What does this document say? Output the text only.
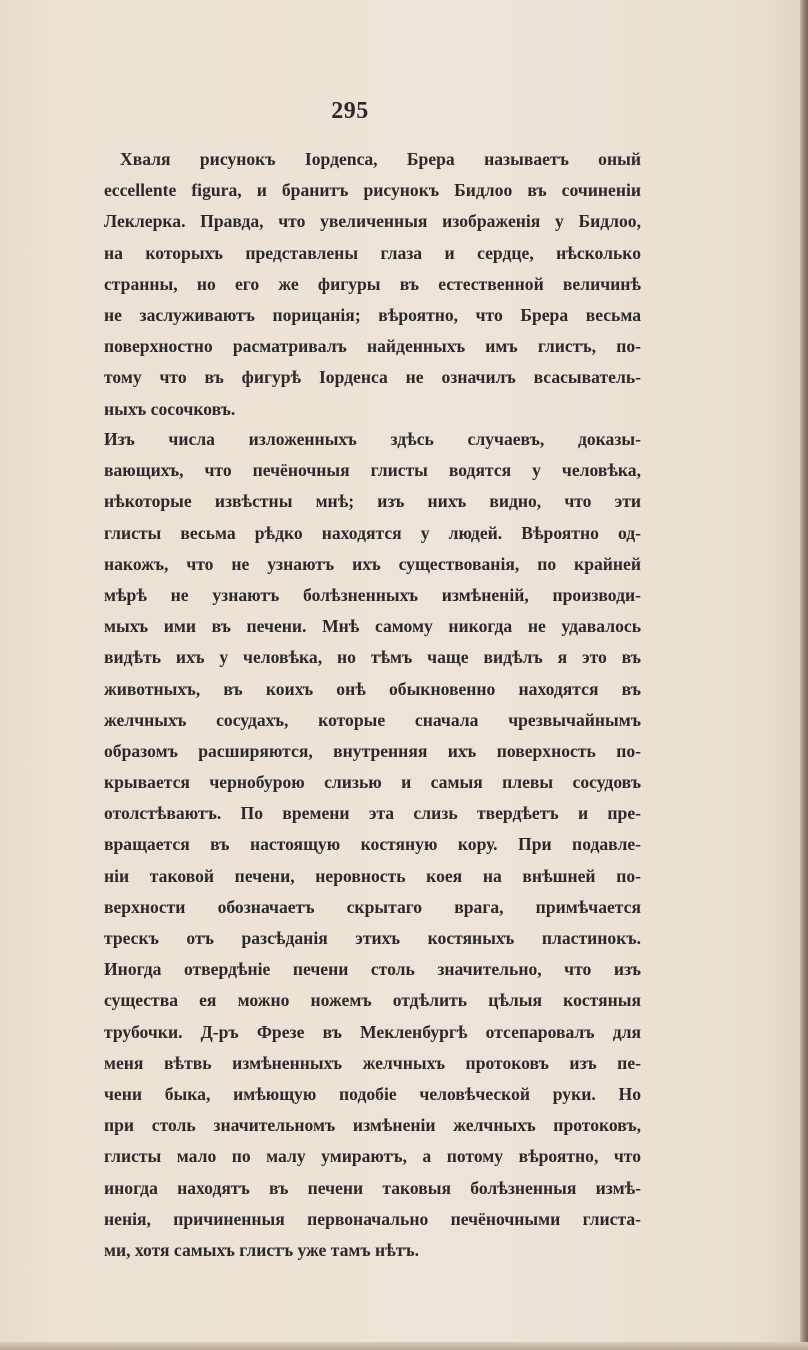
295
Хваля рисунокъ Іордenca, Брера называетъ оный
eccellente figura, и бранитъ рисунокъ Бидлоо въ сочиненіи
Леклерка. Правда, что увеличенныя изображенія у Бидлоо,
на которыхъ представлены глаза и сердце, нѣсколько
странны, но его же фигуры въ естественной величинѣ
не заслуживаютъ порицанія; вѣроятно, что Брера весьма
поверхностно расматривалъ найденныхъ имъ глистъ, по-
тому что въ фигурѣ Іорденса не означилъ всасыватель-
ныхъ сосочковъ.
Изъ числа изложенныхъ здѣсь случаевъ, доказы-
вающихъ, что печёночныя глисты водятся у человѣка,
нѣкоторые извѣстны мнѣ; изъ нихъ видно, что эти
глисты весьма рѣдко находятся у людей. Вѣроятно од-
накожъ, что не узнаютъ ихъ существованія, по крайней
мѣрѣ не узнаютъ болѣзненныхъ измѣненій, производи-
мыхъ ими въ печени. Мнѣ самому никогда не удавалось
видѣть ихъ у человѣка, но тѣмъ чаще видѣлъ я это въ
животныхъ, въ коихъ онѣ обыкновенно находятся въ
желчныхъ сосудахъ, которые сначала чрезвычайнымъ
образомъ расширяются, внутренняя ихъ поверхность по-
крывается чернобурою слизью и самыя плевы сосудовъ
отолстѣваютъ. По времени эта слизь твердѣетъ и пре-
вращается въ настоящую костяную кору. При подавле-
ніи таковой печени, неровность коея на внѣшней по-
верхности обозначаетъ скрытаго врага, примѣчается
трескъ отъ разсѣданія этихъ костяныхъ пластинокъ.
Иногда отвердѣніе печени столь значительно, что изъ
существа ея можно ножемъ отдѣлить цѣлыя костяныя
трубочки. Д-ръ Фрезе въ Мекленбургѣ отсепаровалъ для
меня вѣтвь измѣненныхъ желчныхъ протоковъ изъ пе-
чени быка, имѣющую подобіе человѣческой руки. Но
при столь значительномъ измѣненіи желчныхъ протоковъ,
глисты мало по малу умираютъ, а потому вѣроятно, что
иногда находятъ въ печени таковыя болѣзненныя измѣ-
ненія, причиненныя первоначально печёночными глиста-
ми, хотя самыхъ глистъ уже тамъ нѣтъ.
